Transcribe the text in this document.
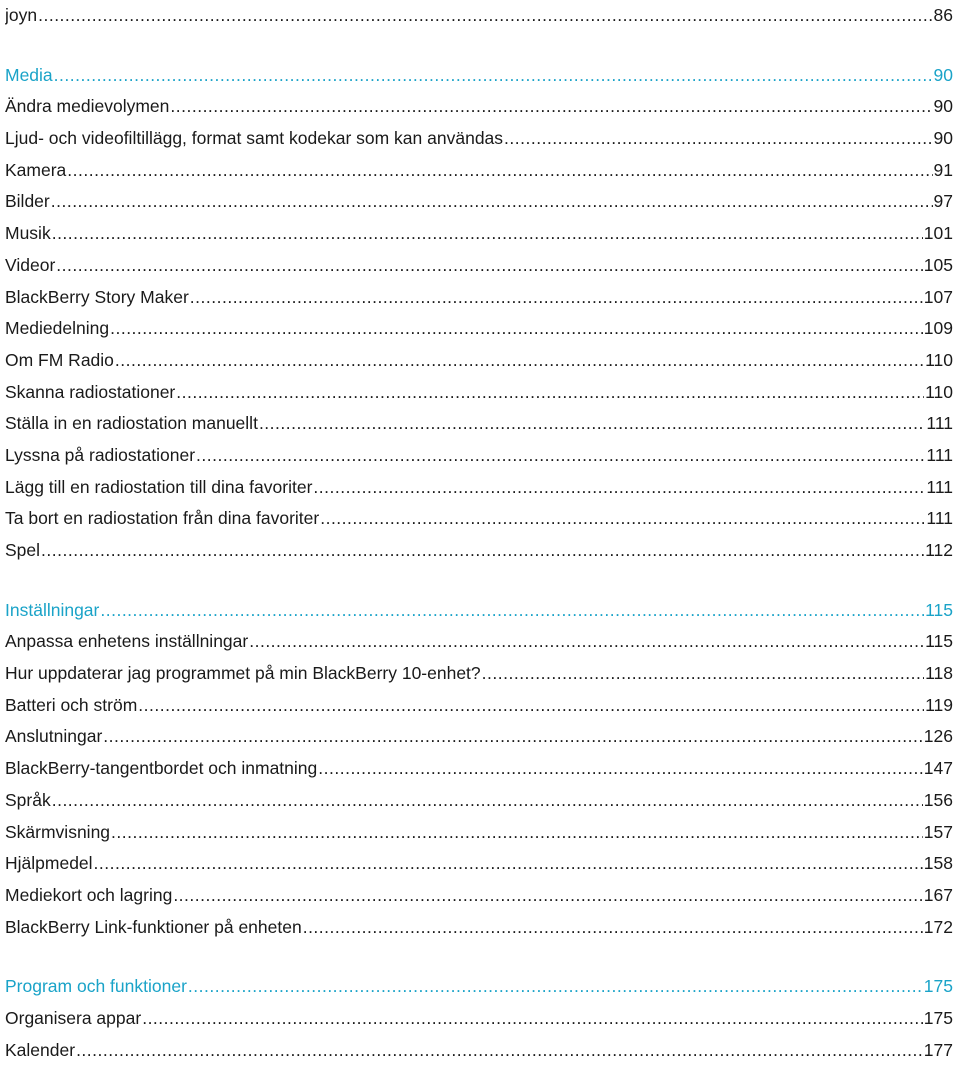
joyn .....	86
Media .....	90
Ändra medievolymen .....	90
Ljud- och videofiltillägg, format samt kodekar som kan användas .....	90
Kamera .....	91
Bilder .....	97
Musik .....	101
Videor .....	105
BlackBerry Story Maker .....	107
Mediedelning .....	109
Om FM Radio .....	110
Skanna radiostationer .....	110
Ställa in en radiostation manuellt .....	111
Lyssna på radiostationer .....	111
Lägg till en radiostation till dina favoriter .....	111
Ta bort en radiostation från dina favoriter .....	111
Spel .....	112
Inställningar .....	115
Anpassa enhetens inställningar .....	115
Hur uppdaterar jag programmet på min BlackBerry 10-enhet? .....	118
Batteri och ström .....	119
Anslutningar .....	126
BlackBerry-tangentbordet och inmatning .....	147
Språk .....	156
Skärmvisning .....	157
Hjälpmedel .....	158
Mediekort och lagring .....	167
BlackBerry Link-funktioner på enheten .....	172
Program och funktioner .....	175
Organisera appar .....	175
Kalender .....	177
